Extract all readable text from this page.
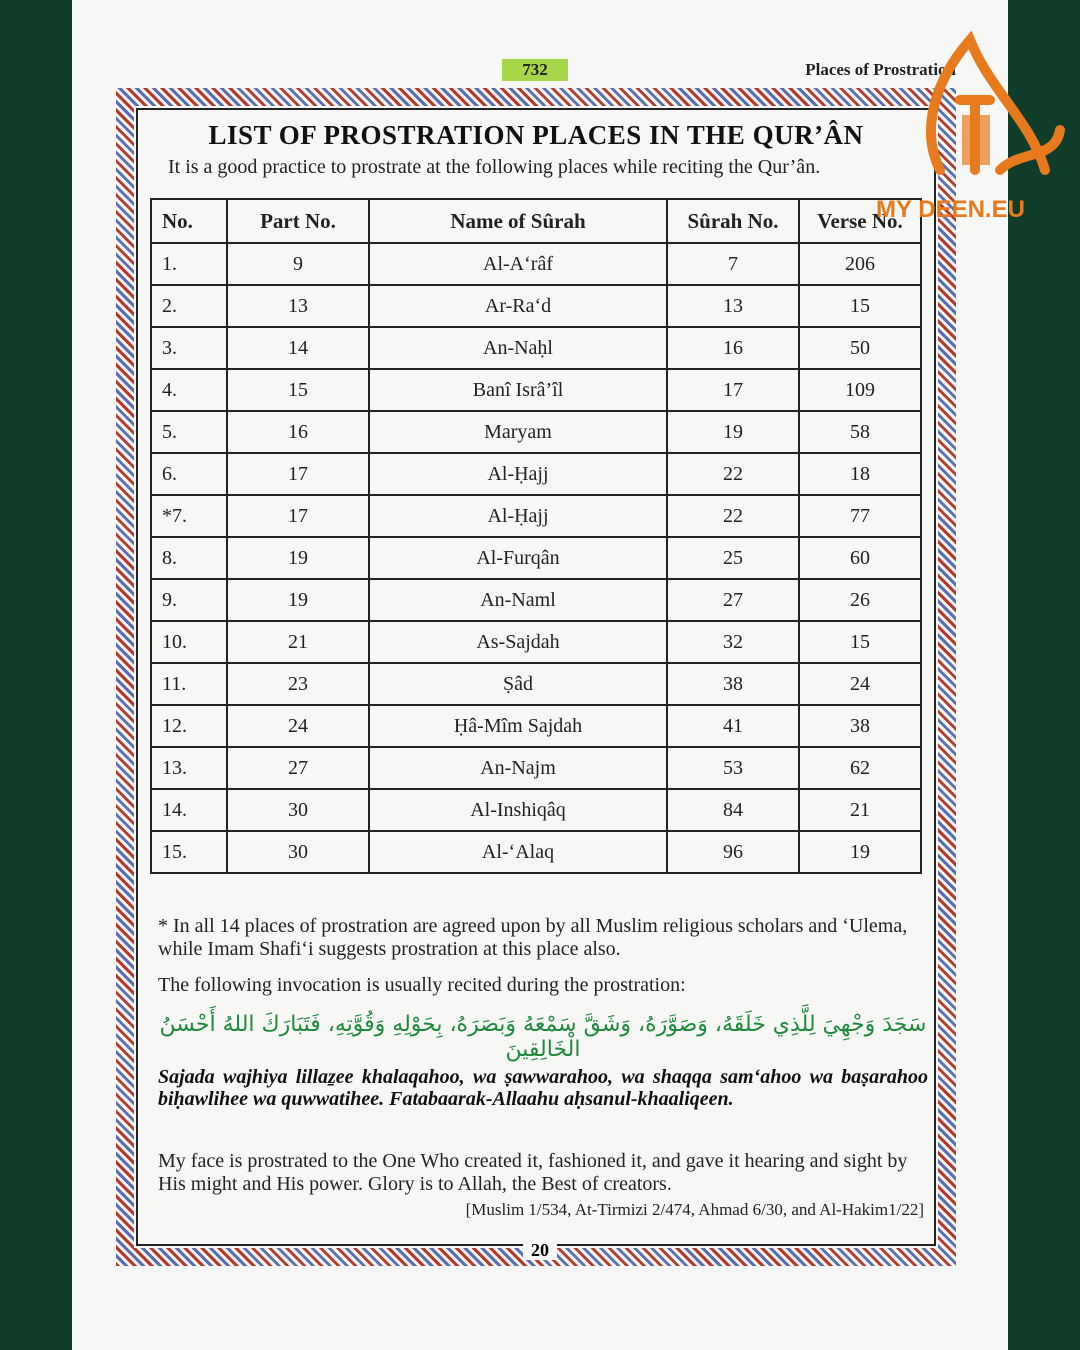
732	Places of Prostration
LIST OF PROSTRATION PLACES IN THE QUR’ÂN
It is a good practice to prostrate at the following places while reciting the Qur’ân.
No.	Part No.	Name of Sûrah	Sûrah No.	Verse No.
1.	9	Al-A‘râf	7	206
2.	13	Ar-Ra‘d	13	15
3.	14	An-Naḥl	16	50
4.	15	Banî Isrâ’îl	17	109
5.	16	Maryam	19	58
6.	17	Al-Ḥajj	22	18
*7.	17	Al-Ḥajj	22	77
8.	19	Al-Furqân	25	60
9.	19	An-Naml	27	26
10.	21	As-Sajdah	32	15
11.	23	Ṣâd	38	24
12.	24	Ḥâ-Mîm Sajdah	41	38
13.	27	An-Najm	53	62
14.	30	Al-Inshiqâq	84	21
15.	30	Al-‘Alaq	96	19
* In all 14 places of prostration are agreed upon by all Muslim religious scholars and ‘Ulema, while Imam Shafi‘i suggests prostration at this place also.
The following invocation is usually recited during the prostration:
سَجَدَ وَجْهِيَ لِلَّذِي خَلَقَهُ، وَصَوَّرَهُ، وَشَقَّ سَمْعَهُ وَبَصَرَهُ، بِحَوْلِهِ وَقُوَّتِهِ، فَتَبَارَكَ اللهُ أَحْسَنُ الْخَالِقِينَ
Sajada wajhiya lillaẕee khalaqahoo, wa ṣawwarahoo, wa shaqqa sam‘ahoo wa baṣarahoo biḥawlihee wa quwwatihee. Fatabaarak-Allaahu aḥsanul-khaaliqeen.
My face is prostrated to the One Who created it, fashioned it, and gave it hearing and sight by His might and His power. Glory is to Allah, the Best of creators.
[Muslim 1/534, At-Tirmizi 2/474, Ahmad 6/30, and Al-Hakim1/22]
20
MY DEEN.EU
